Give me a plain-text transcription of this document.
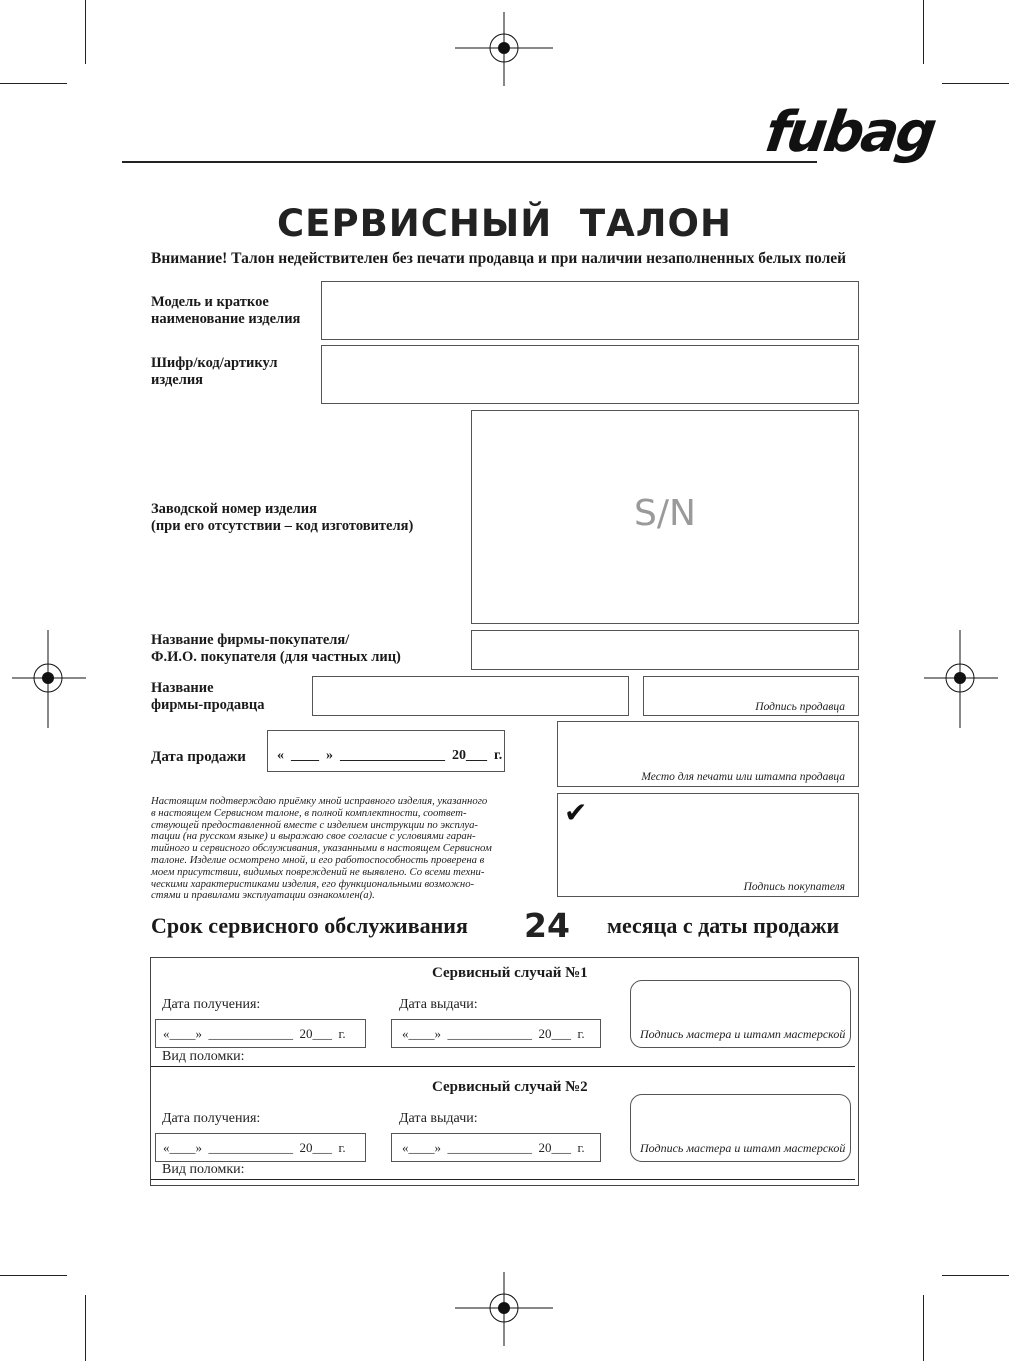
fubag
СЕРВИСНЫЙ  ТАЛОН
Внимание! Талон недействителен без печати продавца и при наличии незаполненных белых полей
Модель и краткое
наименование изделия
Шифр/код/артикул
изделия
Заводской номер изделия
(при его отсутствии – код изготовителя)	S/N
Название фирмы-покупателя/
Ф.И.О. покупателя (для частных лиц)
Название
фирмы-продавца	Подпись продавца
Дата продажи «  ____  »  _______________  20___  г.
Место для печати или штампа продавца
Настоящим подтверждаю приёмку мной исправного изделия, указанного
в настоящем Сервисном талоне, в полной комплектности, соответ-
ствующей предоставленной вместе с изделием инструкции по эксплуа-
тации (на русском языке) и выражаю свое согласие с условиями гаран-
тийного и сервисного обслуживания, указанными в настоящем Сервисном
талоне. Изделие осмотрено мной, и его работоспособность проверена в
моем присутствии, видимых повреждений не выявлено. Со всеми техни-
ческими характеристиками изделия, его функциональными возможно-
стями и правилами эксплуатации ознакомлен(а).
✔
Подпись покупателя
Срок сервисного обслуживания 24 месяца с даты продажи
Сервисный случай №1
Дата получения:	Дата выдачи:
«____»  _____________  20___  г.	«____»  _____________  20___  г.	Подпись мастера и штамп мастерской
Вид поломки:
Сервисный случай №2
Дата получения:	Дата выдачи:
«____»  _____________  20___  г.	«____»  _____________  20___  г.	Подпись мастера и штамп мастерской
Вид поломки:
